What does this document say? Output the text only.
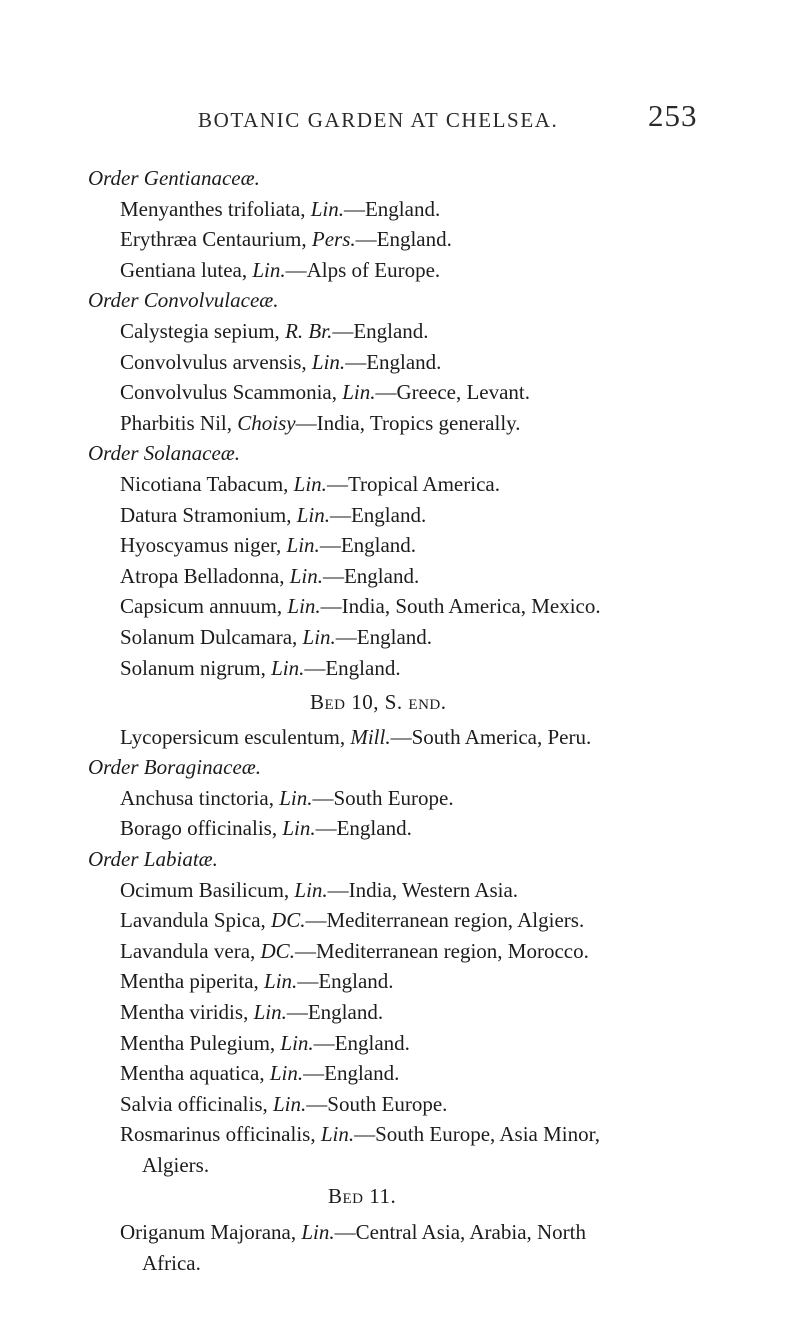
BOTANIC GARDEN AT CHELSEA.	253
Order Gentianaceæ.
Menyanthes trifoliata, Lin.—England.
Erythræa Centaurium, Pers.—England.
Gentiana lutea, Lin.—Alps of Europe.
Order Convolvulaceæ.
Calystegia sepium, R. Br.—England.
Convolvulus arvensis, Lin.—England.
Convolvulus Scammonia, Lin.—Greece, Levant.
Pharbitis Nil, Choisy—India, Tropics generally.
Order Solanaceæ.
Nicotiana Tabacum, Lin.—Tropical America.
Datura Stramonium, Lin.—England.
Hyoscyamus niger, Lin.—England.
Atropa Belladonna, Lin.—England.
Capsicum annuum, Lin.—India, South America, Mexico.
Solanum Dulcamara, Lin.—England.
Solanum nigrum, Lin.—England.
Bed 10, S. end.
Lycopersicum esculentum, Mill.—South America, Peru.
Order Boraginaceæ.
Anchusa tinctoria, Lin.—South Europe.
Borago officinalis, Lin.—England.
Order Labiatæ.
Ocimum Basilicum, Lin.—India, Western Asia.
Lavandula Spica, DC.—Mediterranean region, Algiers.
Lavandula vera, DC.—Mediterranean region, Morocco.
Mentha piperita, Lin.—England.
Mentha viridis, Lin.—England.
Mentha Pulegium, Lin.—England.
Mentha aquatica, Lin.—England.
Salvia officinalis, Lin.—South Europe.
Rosmarinus officinalis, Lin.—South Europe, Asia Minor,
Algiers.
Bed 11.
Origanum Majorana, Lin.—Central Asia, Arabia, North
Africa.
